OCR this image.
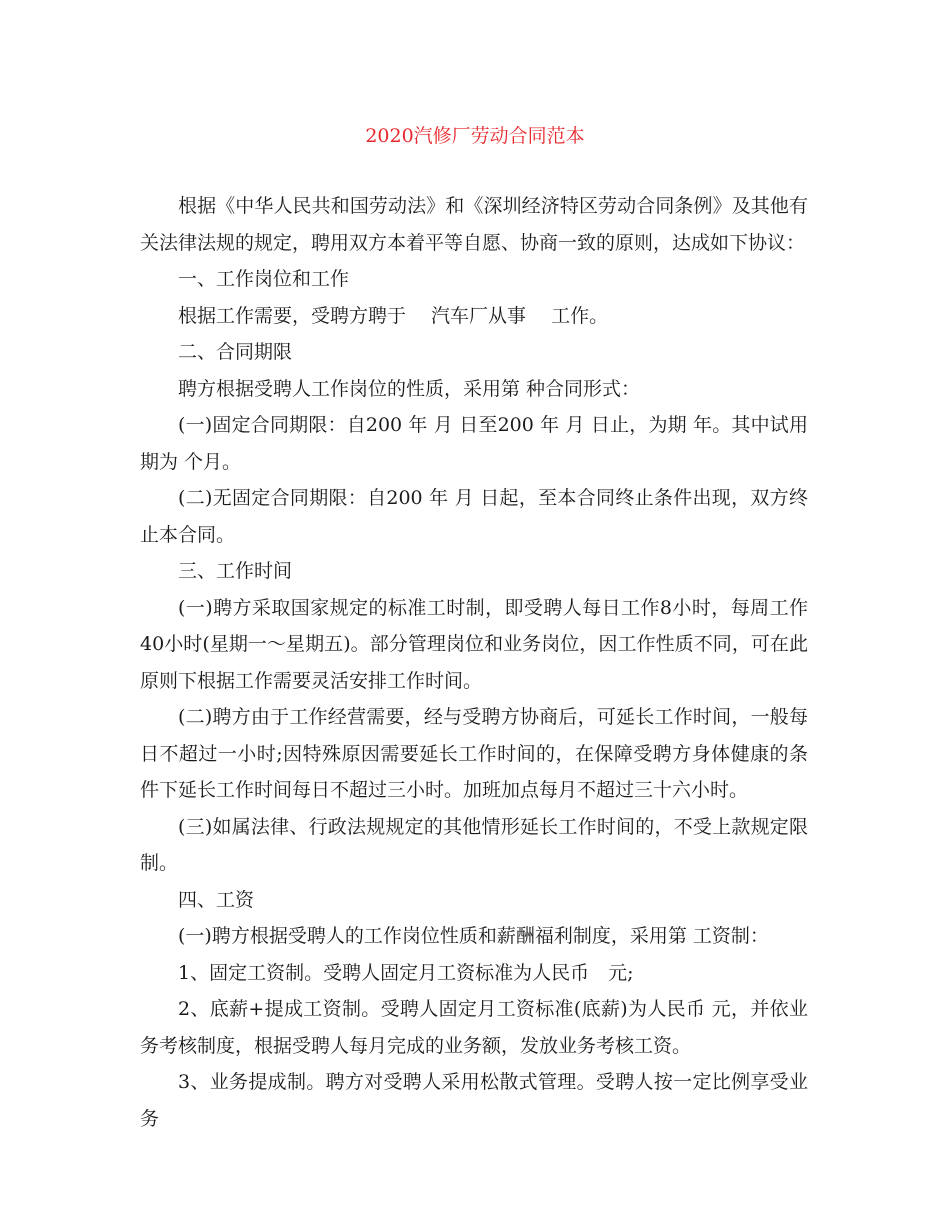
2020汽修厂劳动合同范本

根据《中华人民共和国劳动法》和《深圳经济特区劳动合同条例》及其他有关法律法规的规定，聘用双方本着平等自愿、协商一致的原则，达成如下协议：

一、工作岗位和工作

根据工作需要，受聘方聘于　 汽车厂从事　 工作。

二、合同期限

聘方根据受聘人工作岗位的性质，采用第 种合同形式：

(一)固定合同期限：自200 年 月 日至200 年 月 日止，为期 年。其中试用期为 个月。

(二)无固定合同期限：自200 年 月 日起，至本合同终止条件出现，双方终止本合同。

三、工作时间

(一)聘方采取国家规定的标准工时制，即受聘人每日工作8小时，每周工作40小时(星期一～星期五)。部分管理岗位和业务岗位，因工作性质不同，可在此原则下根据工作需要灵活安排工作时间。

(二)聘方由于工作经营需要，经与受聘方协商后，可延长工作时间，一般每日不超过一小时;因特殊原因需要延长工作时间的，在保障受聘方身体健康的条件下延长工作时间每日不超过三小时。加班加点每月不超过三十六小时。

(三)如属法律、行政法规规定的其他情形延长工作时间的，不受上款规定限制。

四、工资

(一)聘方根据受聘人的工作岗位性质和薪酬福利制度，采用第 工资制：

1、固定工资制。受聘人固定月工资标准为人民币　元;

2、底薪+提成工资制。受聘人固定月工资标准(底薪)为人民币 元，并依业务考核制度，根据受聘人每月完成的业务额，发放业务考核工资。

3、业务提成制。聘方对受聘人采用松散式管理。受聘人按一定比例享受业务
